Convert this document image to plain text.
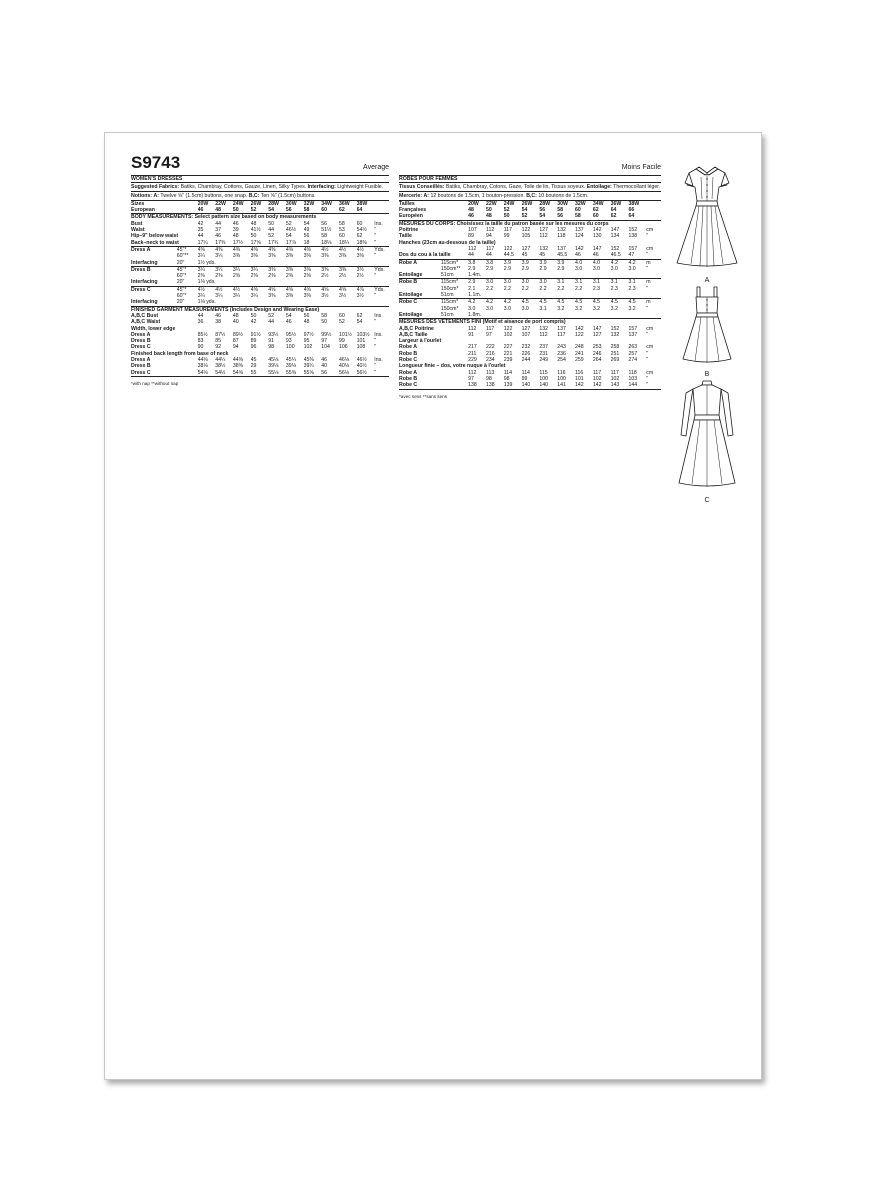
S9743	Average
WOMEN'S DRESSES
Suggested Fabrics: Batiks, Chambray, Cottons, Gauze, Linen, Silky Types. Interfacing: Lightweight Fusible.
Notions: A: Twelve ⅝" (1.5cm) buttons, one snap. B,C: Ten ⅝" (1.5cm) buttons.
Sizes		20W	22W	24W	26W	28W	30W	32W	34W	36W	38W	
European		46	48	50	52	54	56	58	60	62	64	
BODY MEASUREMENTS: Select pattern size based on body measurements												
Bust		42	44	46	48	50	52	54	56	58	60	Ins.
Waist		35	37	39	41½	44	46½	49	51½	53	54½	"
Hip–9" below waist		44	46	48	50	52	54	56	58	60	62	"
Back–neck to waist		17¼	17⅜	17½	17⅝	17¾	17⅞	18	18⅛	18¼	18⅜	"
Dress A	45"*	4⅜	4⅜	4⅜	4⅜	4⅜	4⅜	4⅜	4½	4½	4½	Yds.
	60"**	3¼	3¼	3⅜	3⅜	3⅜	3⅜	3⅜	3⅜	3⅜	3⅜	"
Interfacing	20"	1½ yds.										
Dress B	45"*	3¼	3¼	3¼	3¼	3⅜	3⅜	3⅜	3⅜	3⅜	3½	Yds.
	60"*	2⅜	2⅜	2⅜	2⅜	2⅜	2⅜	2⅜	2½	2½	2½	"
Interfacing	20"	1⅛ yds.										
Dress C	45"*	4½	4½	4½	4⅝	4⅝	4⅝	4⅝	4⅝	4⅝	4⅞	Yds.
	60"*	3¼	3¼	3¼	3¼	3⅜	3⅜	3⅜	3½	3½	3½	"
Interfacing	20"	1⅛ yds.										
FINISHED GARMENT MEASUREMENTS (Includes Design and Wearing Ease)												
A,B,C Bust		44	46	48	50	52	54	56	58	60	62	Ins.
A,B,C Waist		36	38	40	42	44	46	48	50	52	54	"
Width, lower edge												
Dress A		85½	87½	89½	91½	93½	95½	97½	99½	101½	103½	Ins.
Dress B		83	85	87	89	91	93	95	97	99	101	"
Dress C		90	92	94	96	98	100	102	104	106	108	"
Finished back length from base of neck												
Dress A		44⅛	44¼	44⅜	45	45⅛	45¼	45⅜	46	46⅛	46½	Ins.
Dress B		38⅛	38½	38⅜	29	39⅛	39⅛	39¼	40	40⅛	40½	"
Dress C		54⅛	54½	54⅝	55	55⅛	55⅜	55⅝	56	56⅛	56½	"
*with nap **without nap
Moins Facile
ROBES POUR FEMMES
Tissus Conseillés: Batiks, Chambray, Cotons, Gaze, Toile de lin, Tissus soyeux. Entoilage: Thermocollant léger.
Mercerie: A: 12 boutons de 1.5cm, 1 bouton-pression. B,C: 10 boutons de 1.5cm.
Tailles		20W	22W	24W	26W	28W	30W	32W	34W	36W	38W	
Françaises		48	50	52	54	56	58	60	62	64	66	
Européen		46	48	50	52	54	56	58	60	62	64	
MESURES DU CORPS: Choisissez la taille du patron basée sur les mesures du corps												
Poitrine		107	112	117	122	127	132	137	142	147	152	cm
Taille		89	94	99	105	112	118	124	130	134	138	"
Hanches (23cm au-dessous de la taille)												
		112	117	122	127	132	137	142	147	152	157	cm
Dos du cou à la taille		44	44	44.5	45	45	45.5	46	46	46.5	47	"
Robe A	115cm*	3.8	3.8	3.9	3.9	3.9	3.9	4.0	4.0	4.2	4.2	m
	150cm**	2.9	2.9	2.9	2.9	2.9	2.9	3.0	3.0	3.0	3.0	"
Entoilage	51cm	1.4m.										
Robe B	115cm*	2.9	3.0	3.0	3.0	3.0	3.1	3.1	3.1	3.1	3.1	m
	150cm*	2.1	2.2	2.2	2.2	2.2	2.2	2.2	2.3	2.3	2.3	"
Entoilage	51cm	1.1m.										
Robe C	115cm*	4.2	4.2	4.2	4.5	4.5	4.5	4.5	4.5	4.5	4.5	m
	150cm*	3.0	3.0	3.0	3.0	3.1	3.2	3.2	3.2	3.2	3.2	"
Entoilage	51cm	1.8m.										
MESURES DES VÊTEMENTS FINI (Motif et aisance de port compris)												
A,B,C Poitrine		112	117	122	127	132	137	142	147	152	157	cm
A,B,C Taille		91	97	102	107	112	117	122	127	132	137	"
Largeur à l'ourlet												
Robe A		217	222	227	232	237	243	248	253	258	263	cm
Robe B		211	216	221	226	231	236	241	246	251	257	"
Robe C		229	234	239	244	249	254	259	264	269	274	"
Longueur finie – dos, votre nuque à l'ourlet												
Robe A		112	113	114	114	115	116	116	117	117	118	cm
Robe B		97	98	98	99	100	100	101	102	102	103	"
Robe C		138	138	139	140	140	141	142	142	143	144	"
*avec sens **sans sens
A
B
C
